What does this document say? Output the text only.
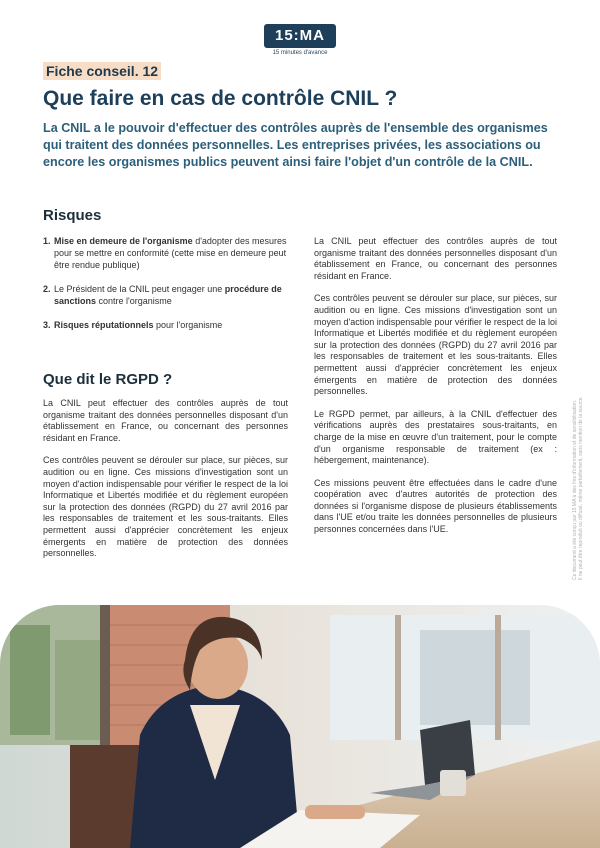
15:MA
15 minutes d'avance
Fiche conseil. 12
Que faire en cas de contrôle CNIL ?

La CNIL a le pouvoir d'effectuer des contrôles auprès de l'ensemble des organismes qui traitent des données personnelles. Les entreprises privées, les associations ou encore les organismes publics peuvent ainsi faire l'objet d'un contrôle de la CNIL.

Risques
1. Mise en demeure de l'organisme d'adopter des mesures pour se mettre en conformité (cette mise en demeure peut être rendue publique)
2. Le Président de la CNIL peut engager une procédure de sanctions contre l'organisme
3. Risques réputationnels pour l'organisme
Que dit le RGPD ?

La CNIL peut effectuer des contrôles auprès de tout organisme traitant des données personnelles disposant d'un établissement en France, ou concernant des personnes résidant en France.

Ces contrôles peuvent se dérouler sur place, sur pièces, sur audition ou en ligne. Ces missions d'investigation sont un moyen d'action indispensable pour vérifier le respect de la loi Informatique et Libertés modifiée et du règlement européen sur la protection des données (RGPD) du 27 avril 2016 par les responsables de traitement et les sous-traitants. Elles permettent aussi d'apprécier concrètement les enjeux émergents en matière de protection des données personnelles.

La CNIL peut effectuer des contrôles auprès de tout organisme traitant des données personnelles disposant d'un établissement en France, ou concernant des personnes résidant en France.

Ces contrôles peuvent se dérouler sur place, sur pièces, sur audition ou en ligne. Ces missions d'investigation sont un moyen d'action indispensable pour vérifier le respect de la loi Informatique et Libertés modifiée et du règlement européen sur la protection des données (RGPD) du 27 avril 2016 par les responsables de traitement et les sous-traitants. Elles permettent aussi d'apprécier concrètement les enjeux émergents en matière de protection des données personnelles.

Le RGPD permet, par ailleurs, à la CNIL d'effectuer des vérifications auprès des prestataires sous-traitants, en charge de la mise en œuvre d'un traitement, pour le compte d'un organisme responsable de traitement (ex : hébergement, maintenance).

Ces missions peuvent être effectuées dans le cadre d'une coopération avec d'autres autorités de protection des données si l'organisme dispose de plusieurs établissements dans l'UE et/ou traite les données personnelles de plusieurs personnes concernées dans l'UE.	Ce document a été conçu par 15 MA à des fins d'information et de sensibilisation. Il ne peut être reproduit ou diffusé, même partiellement, sans mention de la source.
